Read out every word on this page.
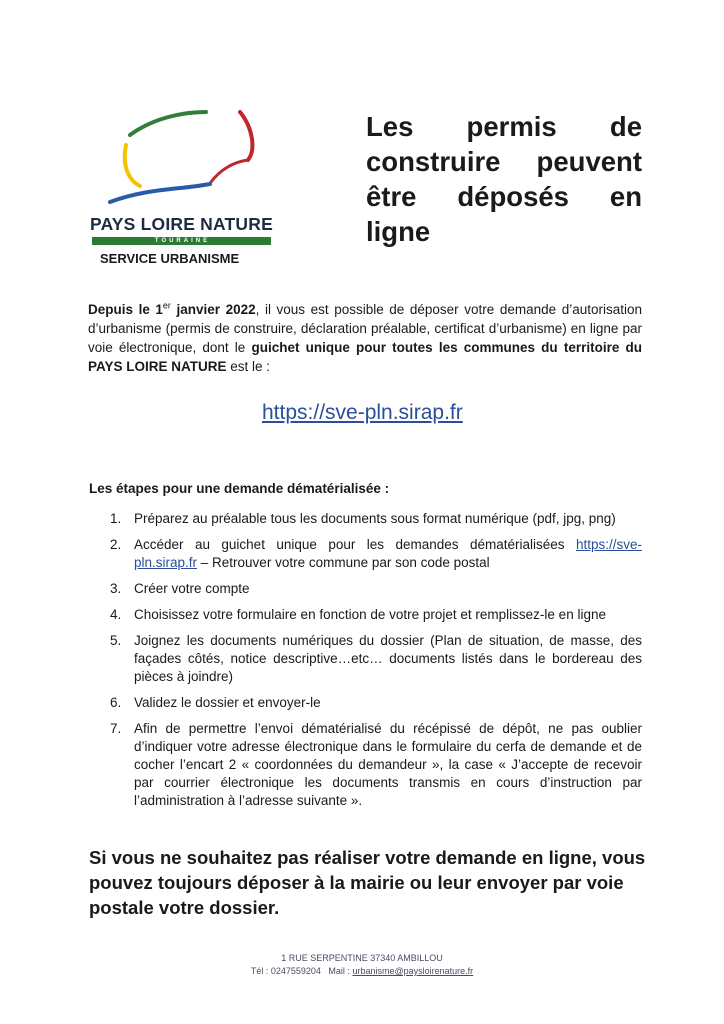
PAYS LOIRE NATURE
TOURAINE
SERVICE URBANISME
Les permis de construire peuvent être déposés en
ligne

Depuis le 1er janvier 2022, il vous est possible de déposer votre demande d’autorisation d’urbanisme (permis de construire, déclaration préalable, certificat d’urbanisme) en ligne par voie électronique, dont le guichet unique pour toutes les communes du territoire du PAYS LOIRE NATURE est le :

https://sve-pln.sirap.fr
Les étapes pour une demande dématérialisée :
1. Préparez au préalable tous les documents sous format numérique (pdf, jpg, png)
2. Accéder au guichet unique pour les demandes dématérialisées https://sve-pln.sirap.fr – Retrouver votre commune par son code postal
3. Créer votre compte
4. Choisissez votre formulaire en fonction de votre projet et remplissez-le en ligne
5. Joignez les documents numériques du dossier (Plan de situation, de masse, des façades côtés, notice descriptive…etc… documents listés dans le bordereau des pièces à joindre)
6. Validez le dossier et envoyer-le
7. Afin de permettre l’envoi dématérialisé du récépissé de dépôt, ne pas oublier d’indiquer votre adresse électronique dans le formulaire du cerfa de demande et de cocher l’encart 2 « coordonnées du demandeur », la case « J’accepte de recevoir par courrier électronique les documents transmis en cours d’instruction par l’administration à l’adresse suivante ».

Si vous ne souhaitez pas réaliser votre demande en ligne, vous pouvez toujours déposer à la mairie ou leur envoyer par voie postale votre dossier.

1 RUE SERPENTINE 37340 AMBILLOU
Tél : 0247559204 Mail : urbanisme@paysloirenature.fr
